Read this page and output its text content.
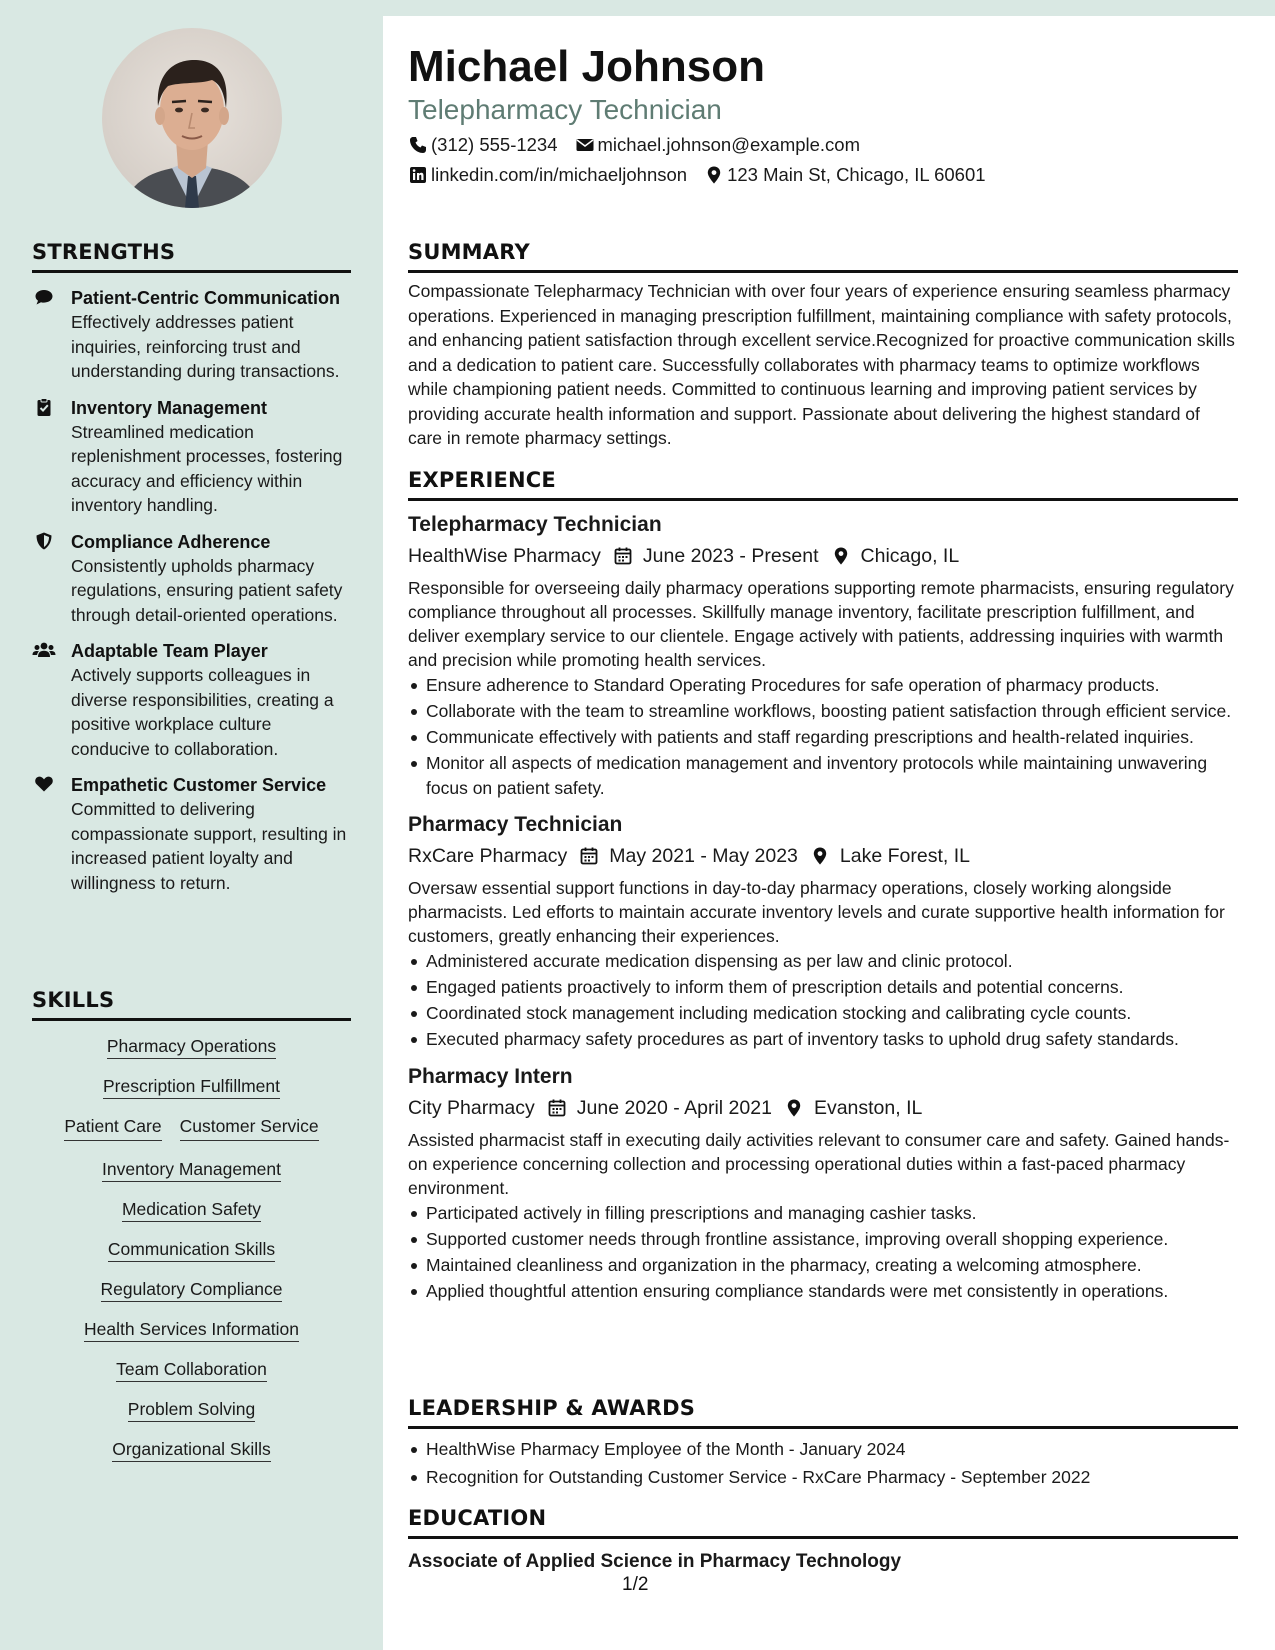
STRENGTHS
Patient-Centric Communication
Effectively addresses patient inquiries, reinforcing trust and understanding during transactions.
Inventory Management
Streamlined medication replenishment processes, fostering accuracy and efficiency within inventory handling.
Compliance Adherence
Consistently upholds pharmacy regulations, ensuring patient safety through detail-oriented operations.
Adaptable Team Player
Actively supports colleagues in diverse responsibilities, creating a positive workplace culture conducive to collaboration.
Empathetic Customer Service
Committed to delivering compassionate support, resulting in increased patient loyalty and willingness to return.
SKILLS
Pharmacy Operations
Prescription Fulfillment
Patient Care Customer Service
Inventory Management
Medication Safety
Communication Skills
Regulatory Compliance
Health Services Information
Team Collaboration
Problem Solving
Organizational Skills
Michael Johnson
Telepharmacy Technician
(312) 555-1234 michael.johnson@example.com
linkedin.com/in/michaeljohnson 123 Main St, Chicago, IL 60601
SUMMARY
Compassionate Telepharmacy Technician with over four years of experience ensuring seamless pharmacy operations. Experienced in managing prescription fulfillment, maintaining compliance with safety protocols, and enhancing patient satisfaction through excellent service.Recognized for proactive communication skills and a dedication to patient care. Successfully collaborates with pharmacy teams to optimize workflows while championing patient needs. Committed to continuous learning and improving patient services by providing accurate health information and support. Passionate about delivering the highest standard of care in remote pharmacy settings.
EXPERIENCE
Telepharmacy Technician
HealthWise Pharmacy June 2023 - Present Chicago, IL
Responsible for overseeing daily pharmacy operations supporting remote pharmacists, ensuring regulatory compliance throughout all processes. Skillfully manage inventory, facilitate prescription fulfillment, and deliver exemplary service to our clientele. Engage actively with patients, addressing inquiries with warmth and precision while promoting health services.
Ensure adherence to Standard Operating Procedures for safe operation of pharmacy products.
Collaborate with the team to streamline workflows, boosting patient satisfaction through efficient service.
Communicate effectively with patients and staff regarding prescriptions and health-related inquiries.
Monitor all aspects of medication management and inventory protocols while maintaining unwavering focus on patient safety.
Pharmacy Technician
RxCare Pharmacy May 2021 - May 2023 Lake Forest, IL
Oversaw essential support functions in day-to-day pharmacy operations, closely working alongside pharmacists. Led efforts to maintain accurate inventory levels and curate supportive health information for customers, greatly enhancing their experiences.
Administered accurate medication dispensing as per law and clinic protocol.
Engaged patients proactively to inform them of prescription details and potential concerns.
Coordinated stock management including medication stocking and calibrating cycle counts.
Executed pharmacy safety procedures as part of inventory tasks to uphold drug safety standards.
Pharmacy Intern
City Pharmacy June 2020 - April 2021 Evanston, IL
Assisted pharmacist staff in executing daily activities relevant to consumer care and safety. Gained hands-on experience concerning collection and processing operational duties within a fast-paced pharmacy environment.
Participated actively in filling prescriptions and managing cashier tasks.
Supported customer needs through frontline assistance, improving overall shopping experience.
Maintained cleanliness and organization in the pharmacy, creating a welcoming atmosphere.
Applied thoughtful attention ensuring compliance standards were met consistently in operations.
LEADERSHIP & AWARDS
HealthWise Pharmacy Employee of the Month - January 2024
Recognition for Outstanding Customer Service - RxCare Pharmacy - September 2022
EDUCATION
Associate of Applied Science in Pharmacy Technology
1/2
